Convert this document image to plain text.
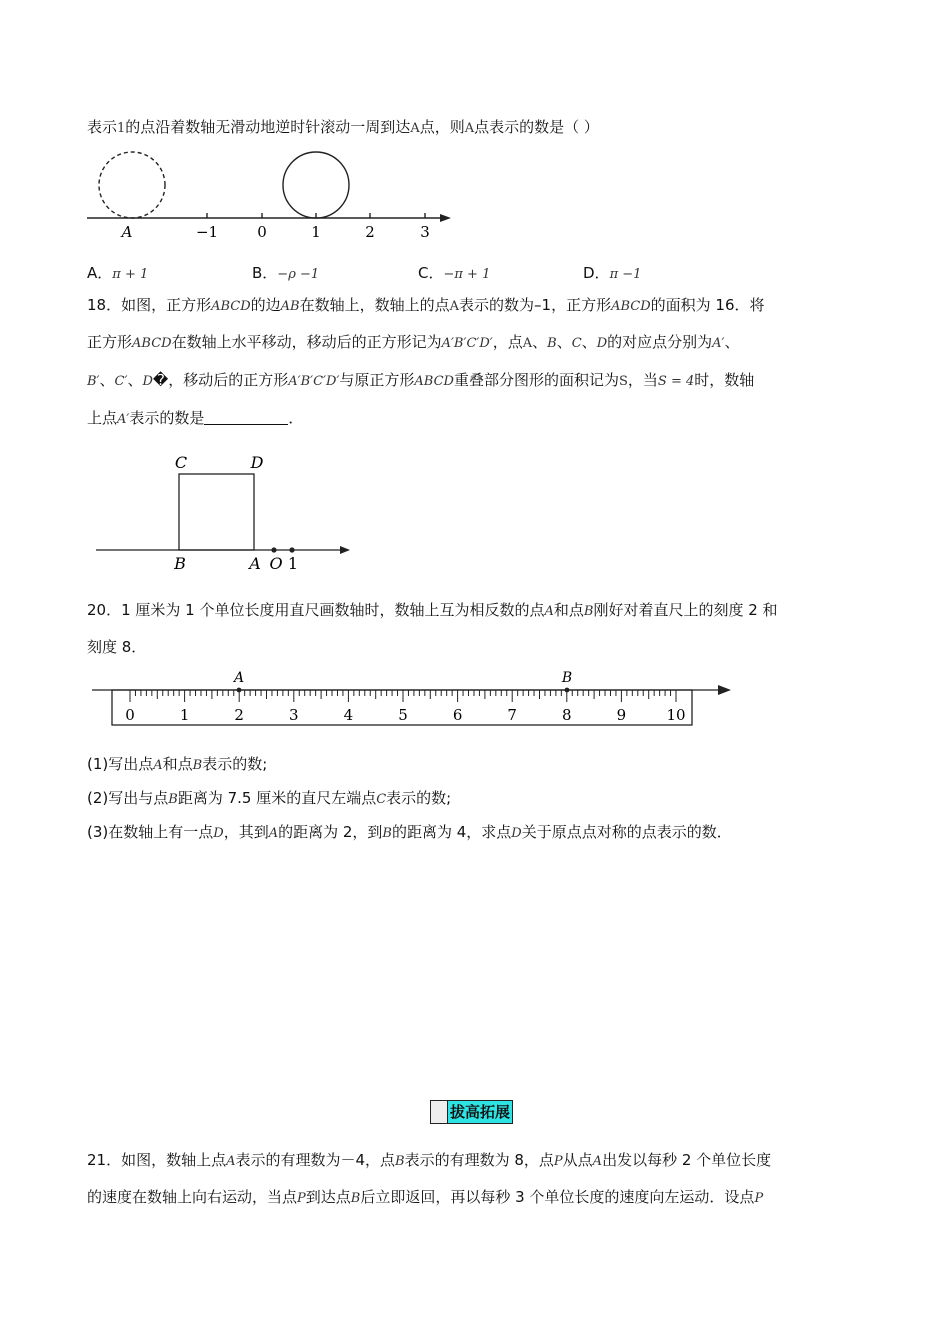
表示1的点沿着数轴无滑动地逆时针滚动一周到达A点，则A点表示的数是（ ）
A	−1	0	1	2	3
A．π + 1	B．−ρ −1	C．−π + 1	D．π −1
18．如图，正方形ABCD的边AB在数轴上，数轴上的点A表示的数为–1，正方形ABCD的面积为 16．将
正方形ABCD在数轴上水平移动，移动后的正方形记为A′B′C′D′，点A、B、C、D的对应点分别为A′、
B′、C′、D�，移动后的正方形A′B′C′D′与原正方形ABCD重叠部分图形的面积记为S，当S = 4时，数轴
上点A′表示的数是	．
C	D
B	A O 1
20．1 厘米为 1 个单位长度用直尺画数轴时，数轴上互为相反数的点A和点B刚好对着直尺上的刻度 2 和
刻度 8．
0	1	2	3	4	5	6	7	8	9	10
A	B
(1)写出点A和点B表示的数;
(2)写出与点B距离为 7.5 厘米的直尺左端点C表示的数;
(3)在数轴上有一点D，其到A的距离为 2，到B的距离为 4，求点D关于原点点对称的点表示的数．
拔高拓展
21．如图，数轴上点A表示的有理数为－4，点B表示的有理数为 8，点P从点A出发以每秒 2 个单位长度
的速度在数轴上向右运动，当点P到达点B后立即返回，再以每秒 3 个单位长度的速度向左运动．设点P
